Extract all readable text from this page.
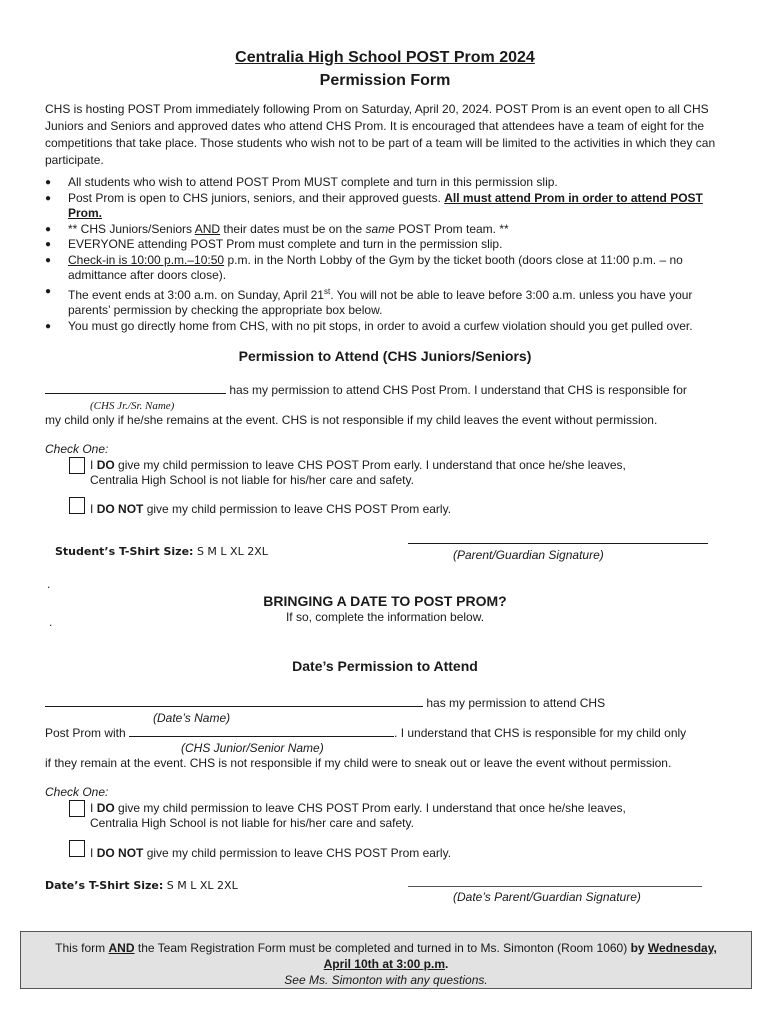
Centralia High School POST Prom 2024
Permission Form
CHS is hosting POST Prom immediately following Prom on Saturday, April 20, 2024. POST Prom is an event open to all CHS Juniors and Seniors and approved dates who attend CHS Prom. It is encouraged that attendees have a team of eight for the competitions that take place. Those students who wish not to be part of a team will be limited to the activities in which they can participate.
● All students who wish to attend POST Prom MUST complete and turn in this permission slip.
● Post Prom is open to CHS juniors, seniors, and their approved guests. All must attend Prom in order to attend POST Prom.
● ** CHS Juniors/Seniors AND their dates must be on the same POST Prom team. **
● EVERYONE attending POST Prom must complete and turn in the permission slip.
● Check-in is 10:00 p.m.–10:50 p.m. in the North Lobby of the Gym by the ticket booth (doors close at 11:00 p.m. – no admittance after doors close).
● The event ends at 3:00 a.m. on Sunday, April 21st. You will not be able to leave before 3:00 a.m. unless you have your parents’ permission by checking the appropriate box below.
● You must go directly home from CHS, with no pit stops, in order to avoid a curfew violation should you get pulled over.
Permission to Attend (CHS Juniors/Seniors)
has my permission to attend CHS Post Prom. I understand that CHS is responsible for
(CHS Jr./Sr. Name)
my child only if he/she remains at the event. CHS is not responsible if my child leaves the event without permission.
Check One:
I DO give my child permission to leave CHS POST Prom early. I understand that once he/she leaves,
Centralia High School is not liable for his/her care and safety.
I DO NOT give my child permission to leave CHS POST Prom early.
Student’s T-Shirt Size: S M L XL 2XL	(Parent/Guardian Signature)
.
.
BRINGING A DATE TO POST PROM?
If so, complete the information below.
Date’s Permission to Attend
has my permission to attend CHS
(Date’s Name)
Post Prom with	. I understand that CHS is responsible for my child only
(CHS Junior/Senior Name)
if they remain at the event. CHS is not responsible if my child were to sneak out or leave the event without permission.
Check One:
I DO give my child permission to leave CHS POST Prom early. I understand that once he/she leaves,
Centralia High School is not liable for his/her care and safety.
I DO NOT give my child permission to leave CHS POST Prom early.
Date’s T-Shirt Size: S M L XL 2XL
(Date’s Parent/Guardian Signature)
This form AND the Team Registration Form must be completed and turned in to Ms. Simonton (Room 1060) by Wednesday,
April 10th at 3:00 p.m.
See Ms. Simonton with any questions.
